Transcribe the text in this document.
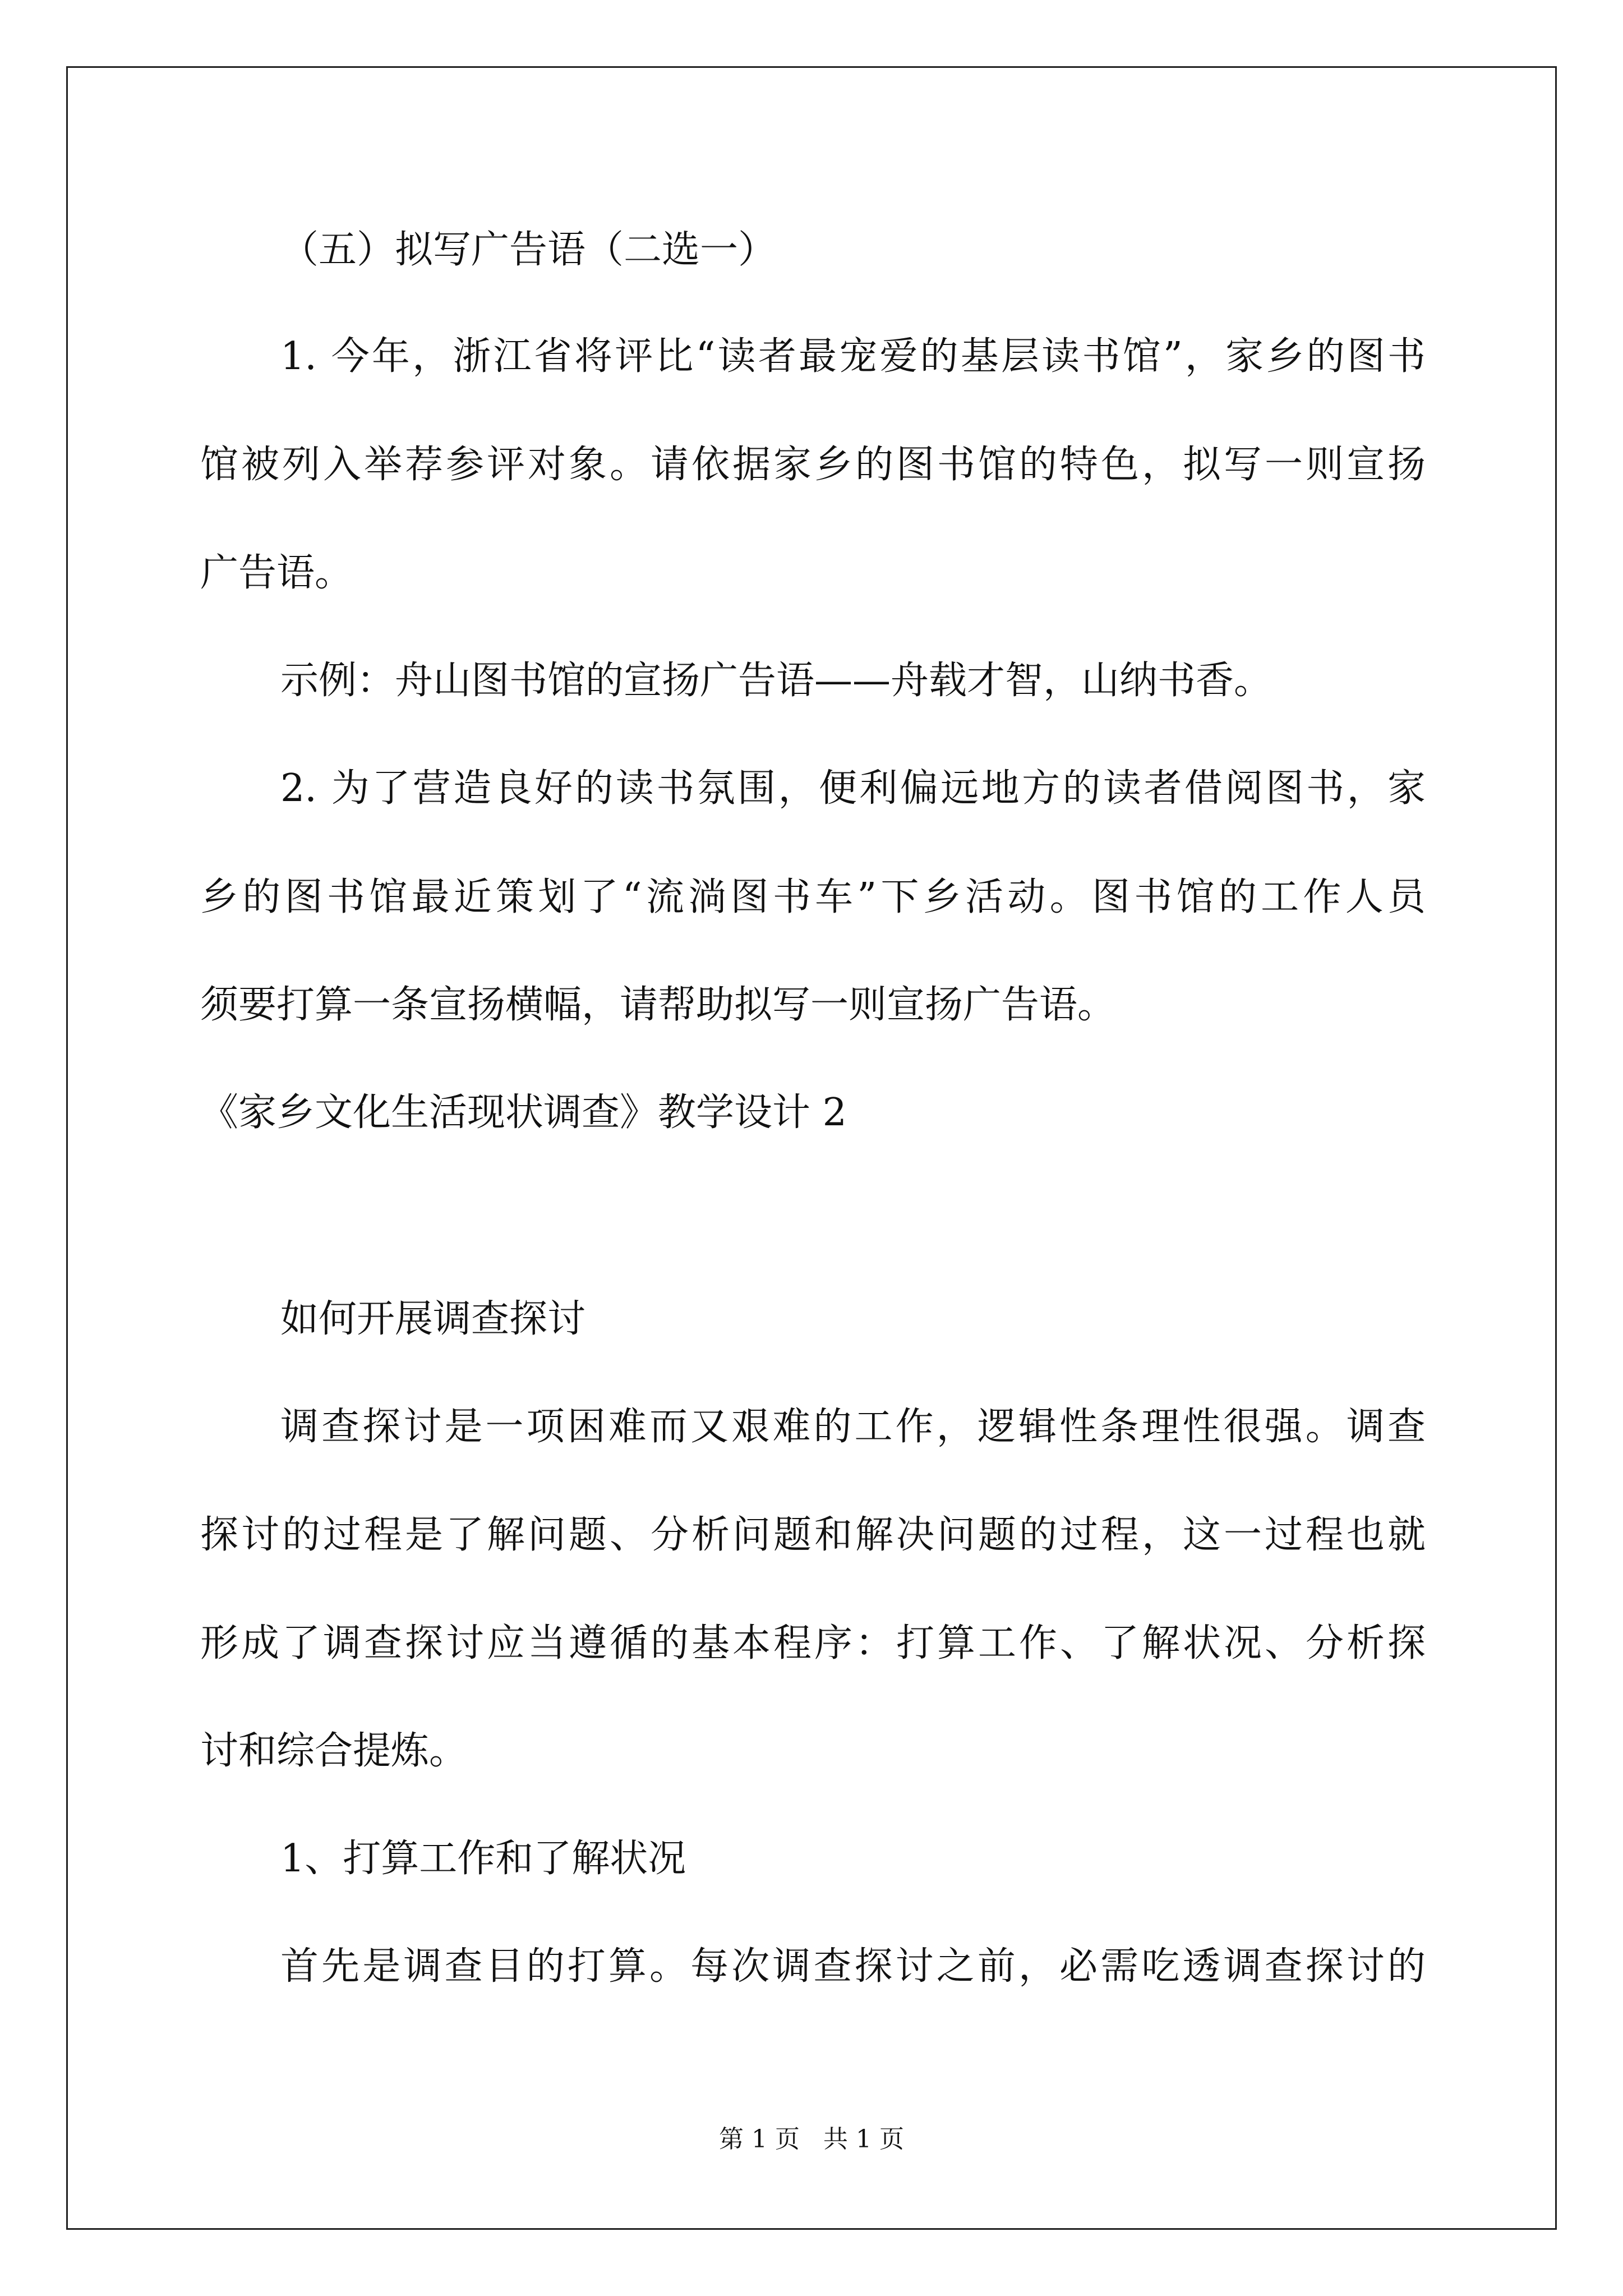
（五）拟写广告语（二选一）

1. 今年，浙江省将评比“读者最宠爱的基层读书馆”，家乡的图书

馆被列入举荐参评对象。请依据家乡的图书馆的特色，拟写一则宣扬

广告语。

示例：舟山图书馆的宣扬广告语——舟载才智，山纳书香。

2. 为了营造良好的读书氛围，便利偏远地方的读者借阅图书，家

乡的图书馆最近策划了“流淌图书车”下乡活动。图书馆的工作人员

须要打算一条宣扬横幅，请帮助拟写一则宣扬广告语。

《家乡文化生活现状调查》教学设计 2

如何开展调查探讨

调查探讨是一项困难而又艰难的工作，逻辑性条理性很强。调查

探讨的过程是了解问题、分析问题和解决问题的过程，这一过程也就

形成了调查探讨应当遵循的基本程序：打算工作、了解状况、分析探

讨和综合提炼。

1、打算工作和了解状况

首先是调查目的打算。每次调查探讨之前，必需吃透调查探讨的

第 1 页   共 1 页
